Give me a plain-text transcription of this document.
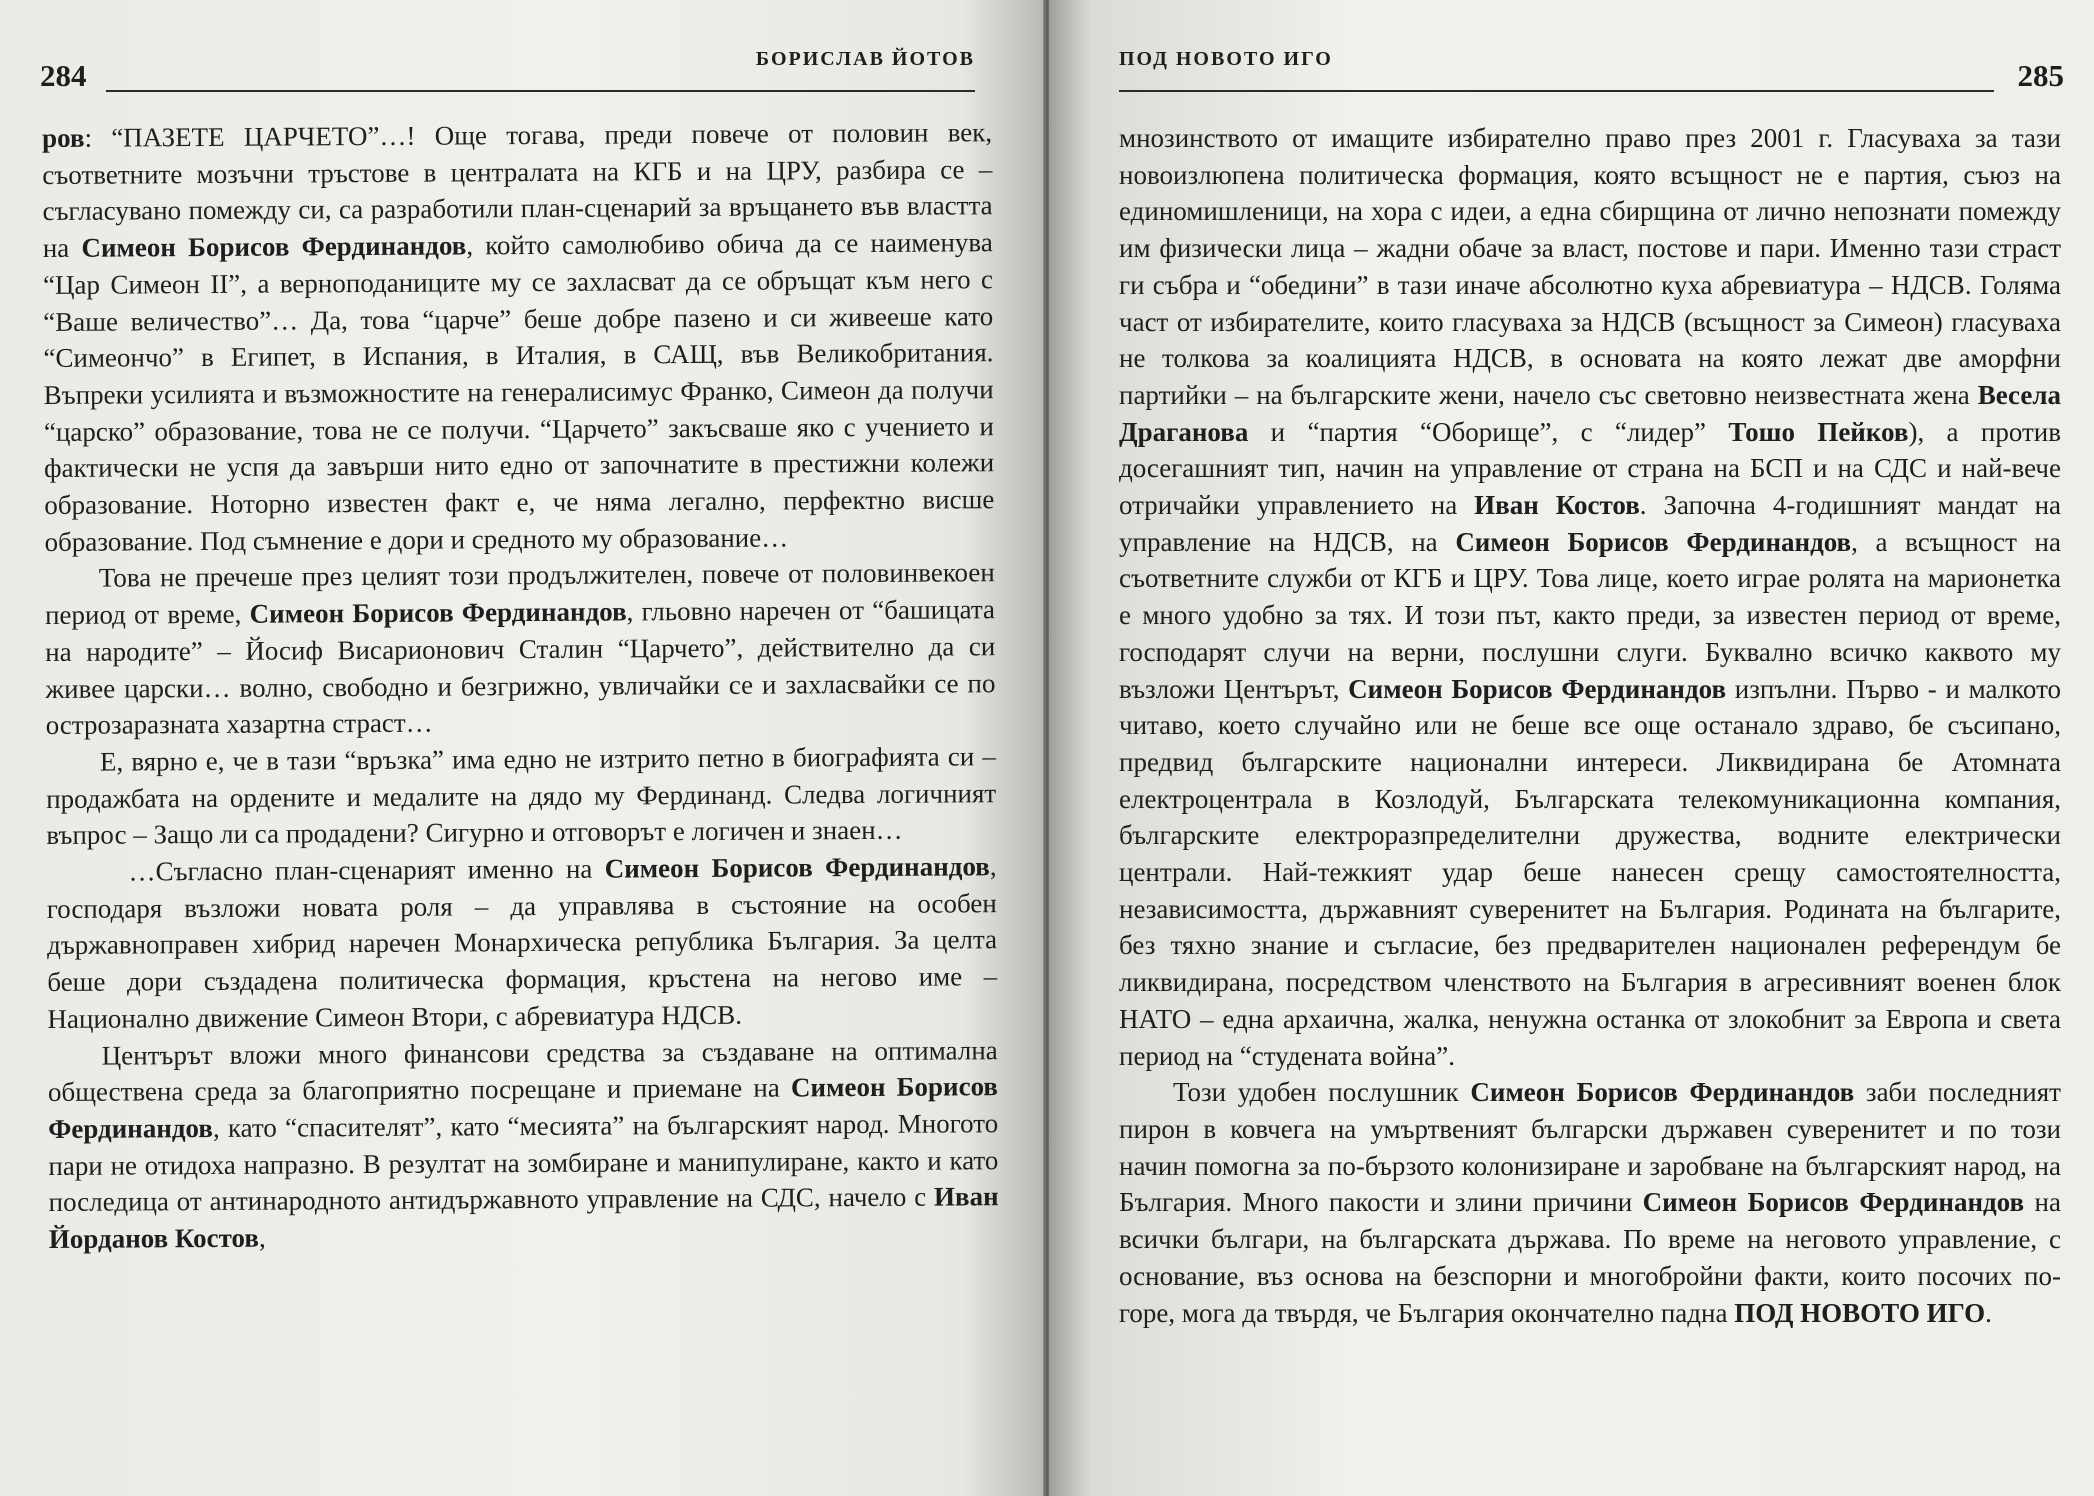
284	БОРИСЛАВ ЙОТОВ

ров: “ПАЗЕТЕ ЦАРЧЕТО”…! Още тогава, преди повече от половин век, съответните мозъчни тръстове в централата на КГБ и на ЦРУ, разбира се – съгласувано помежду си, са разработили план-сценарий за връщането във властта на Симеон Борисов Фердинандов, който самолюбиво обича да се наименува “Цар Симеон II”, а верноподаниците му се захласват да се обръщат към него с “Ваше величество”… Да, това “царче” беше добре пазено и си живееше като “Симеончо” в Египет, в Испания, в Италия, в САЩ, във Великобритания. Въпреки усилията и възможностите на генералисимус Франко, Симеон да получи “царско” образование, това не се получи. “Царчето” закъсваше яко с учението и фактически не успя да завърши нито едно от започнатите в престижни колежи образование. Нотoрно известен факт е, че няма легално, перфектно висше образование. Под съмнение е дори и средното му образование…

Това не пречеше през целият този продължителен, повече от половинвекоен период от време, Симеон Борисов Фердинандов, гльовно наречен от “башицата на народите” – Йосиф Висарионович Сталин “Царчето”, действително да си живее царски… волно, свободно и безгрижно, увличайки се и захласвайки се по острозаразната хазартна страст…

Е, вярно е, че в тази “връзка” има едно не изтрито петно в биографията си – продажбата на ордените и медалите на дядо му Фердинанд. Следва логичният въпрос – Защо ли са продадени? Сигурно и отговорът е логичен и знаен…

…Съгласно план-сценарият именно на Симеон Борисов Фердинандов, господаря възложи новата роля – да управлява в състояние на особен държавноправен хибрид наречен Монархическа република България. За целта беше дори създадена политическа формация, кръстена на негово име – Национално движение Симеон Втори, с абревиатура НДСВ.

Центърът вложи много финансови средства за създаване на оптимална обществена среда за благоприятно посрещане и приемане на Симеон Борисов Фердинандов, като “спасителят”, като “месията” на българският народ. Многото пари не отидоха напразно. В резултат на зомбиране и манипулиране, както и като последица от антинародното антидържавното управление на СДС, начело с Иван Йорданов Костов,

ПОД НОВОТО ИГО	285

мнозинството от имащите избирателно право през 2001 г. Гласуваха за тази новоизлюпена политическа формация, която всъщност не е партия, съюз на единомишленици, на хора с идеи, а една сбирщина от лично непознати помежду им физически лица – жадни обаче за власт, постове и пари. Именно тази страст ги събра и “обедини” в тази иначе абсолютно куха абревиатура – НДСВ. Голяма част от избирателите, които гласуваха за НДСВ (всъщност за Симеон) гласуваха не толкова за коалицията НДСВ, в основата на която лежат две аморфни партийки – на българските жени, начело със световно неизвестната жена Весела Драганова и “партия “Оборище”, с “лидер” Тошо Пейков), а против досегашният тип, начин на управление от страна на БСП и на СДС и най-вече отричайки управлението на Иван Костов. Започна 4-годишният мандат на управление на НДСВ, на Симеон Борисов Фердинандов, а всъщност на съответните служби от КГБ и ЦРУ. Това лице, което играе ролята на марионетка е много удобно за тях. И този път, както преди, за известен период от време, господарят случи на верни, послушни слуги. Буквално всичко каквото му възложи Центърът, Симеон Борисов Фердинандов изпълни. Първо - и малкото читаво, което случайно или не беше все още останало здраво, бе съсипано, предвид българските национални интереси. Ликвидирана бе Атомната електроцентрала в Козлодуй, Българската телекомуникационна компания, българските електроразпределителни дружества, водните електрически централи. Най-тежкият удар беше нанесен срещу самостоятелността, независимостта, държавният суверенитет на България. Родината на българите, без тяхно знание и съгласие, без предварителен национален референдум бе ликвидирана, посредством членството на България в агресивният военен блок НАТО – една архаична, жалка, ненужна останка от злокобнит за Европа и света период на “студената война”.

Този удобен послушник Симеон Борисов Фердинандов заби последният пирон в ковчега на умъртвеният български държавен суверенитет и по този начин помогна за по-бързото колонизиране и заробване на българският народ, на България. Много пакости и злини причини Симеон Борисов Фердинандов на всички българи, на българската държава. По време на неговото управление, с основание, въз основа на безспорни и многобройни факти, които посочих по-горе, мога да твърдя, че България окончателно падна ПОД НОВОТО ИГО.
